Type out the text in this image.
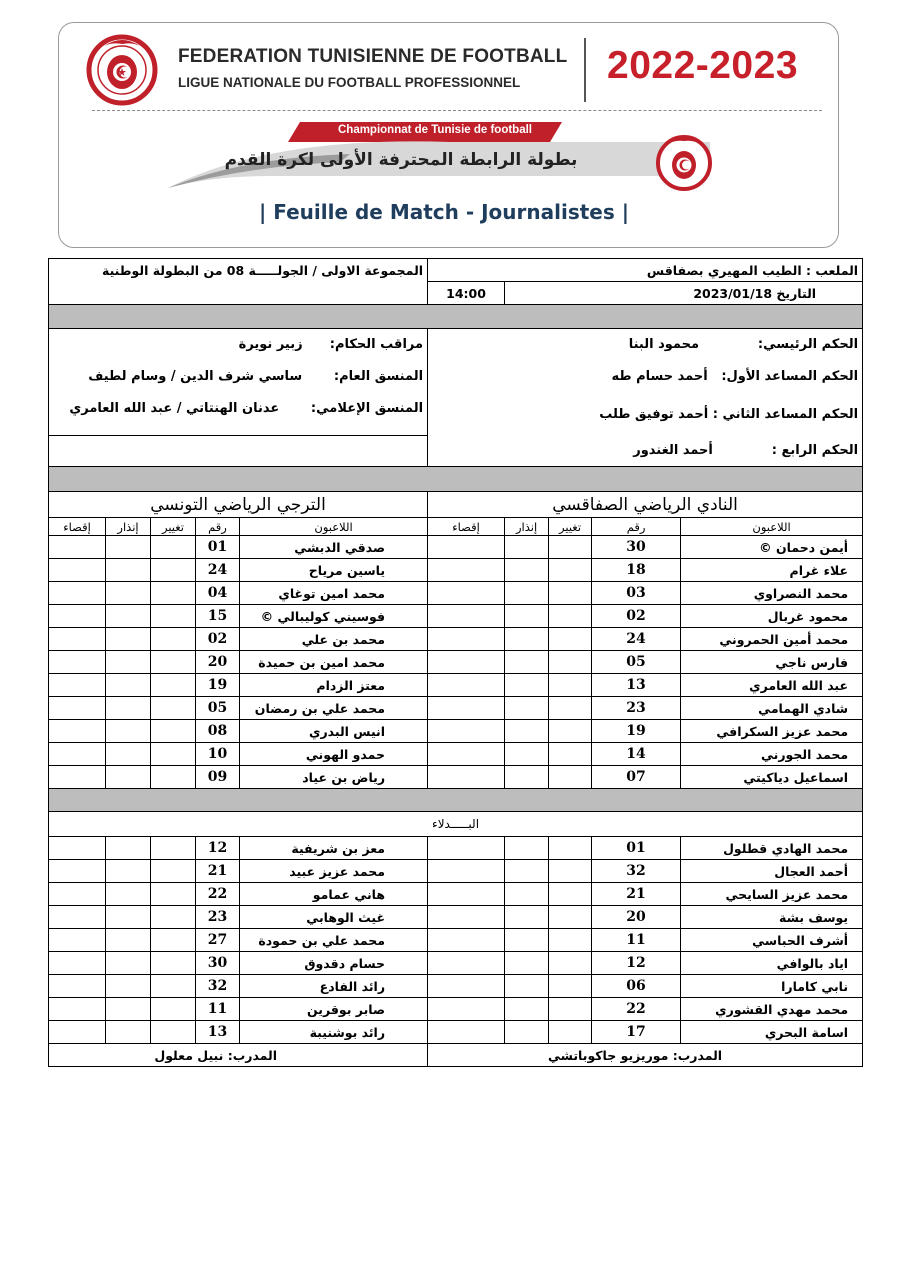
FEDERATION TUNISIENNE DE FOOTBALL
LIGUE NATIONALE DU FOOTBALL PROFESSIONNEL 2022-2023
Championnat de Tunisie de football
بطولة الرابطة المحترفة الأولى لكرة القدم
| Feuille de Match - Journalistes |
المجموعة الاولى / الجولـــــة 08 من البطولة الوطنية					الملعب : الطيب المهيري بصفاقس				
					14:00	التاريخ 2023/01/18			

مراقب الحكام:      زبير نويرة					الحكم الرئيسي:             محمود البنا				
المنسق العام:       ساسي شرف الدين / وسام لطيف					الحكم المساعد الأول:   أحمد حسام طه				
المنسق الإعلامي:       عدنان الهنتاتي / عبد الله العامري					الحكم المساعد الثاني : أحمد توفيق طلب				
					الحكم الرابع :             أحمد الغندور				

الترجي الرياضي التونسي					النادي الرياضي الصفاقسي				
إقصاء	إنذار	تغيير	رقم	اللاعبون	إقصاء	إنذار	تغيير	رقم	اللاعبون
			01	صدقي الدبشي				30	أيمن دحمان ©
			24	ياسين مرياح				18	علاء غرام
			04	محمد امين توغاي				03	محمد النصراوي
			15	فوسيني كوليبالي ©				02	محمود غربال
			02	محمد بن علي				24	محمد أمين الحمروني
			20	محمد امين بن حميدة				05	فارس ناجي
			19	معتز الزدام				13	عبد الله العامري
			05	محمد علي بن رمضان				23	شادي الهمامي
			08	انيس البدري				19	محمد عزيز السكرافي
			10	حمدو الهوني				14	محمد الجورني
			09	رياض بن عياد				07	اسماعيل دياكيتي

البـــــدلاء									
			12	معز بن شريفية				01	محمد الهادي قطلول
			21	محمد عزيز عبيد				32	أحمد العجال
			22	هاني عمامو				21	محمد عزيز السايحي
			23	غيث الوهابي				20	يوسف بشة
			27	محمد علي بن حمودة				11	أشرف الحباسي
			30	حسام دقدوق				12	اياد بالوافي
			32	رائد الفادع				06	نابي كامارا
			11	صابر بوقرين				22	محمد مهدي القشوري
			13	رائد بوشنيبة				17	اسامة البحري
المدرب: نبيل معلول					المدرب: موريزيو جاكوباتشي				
